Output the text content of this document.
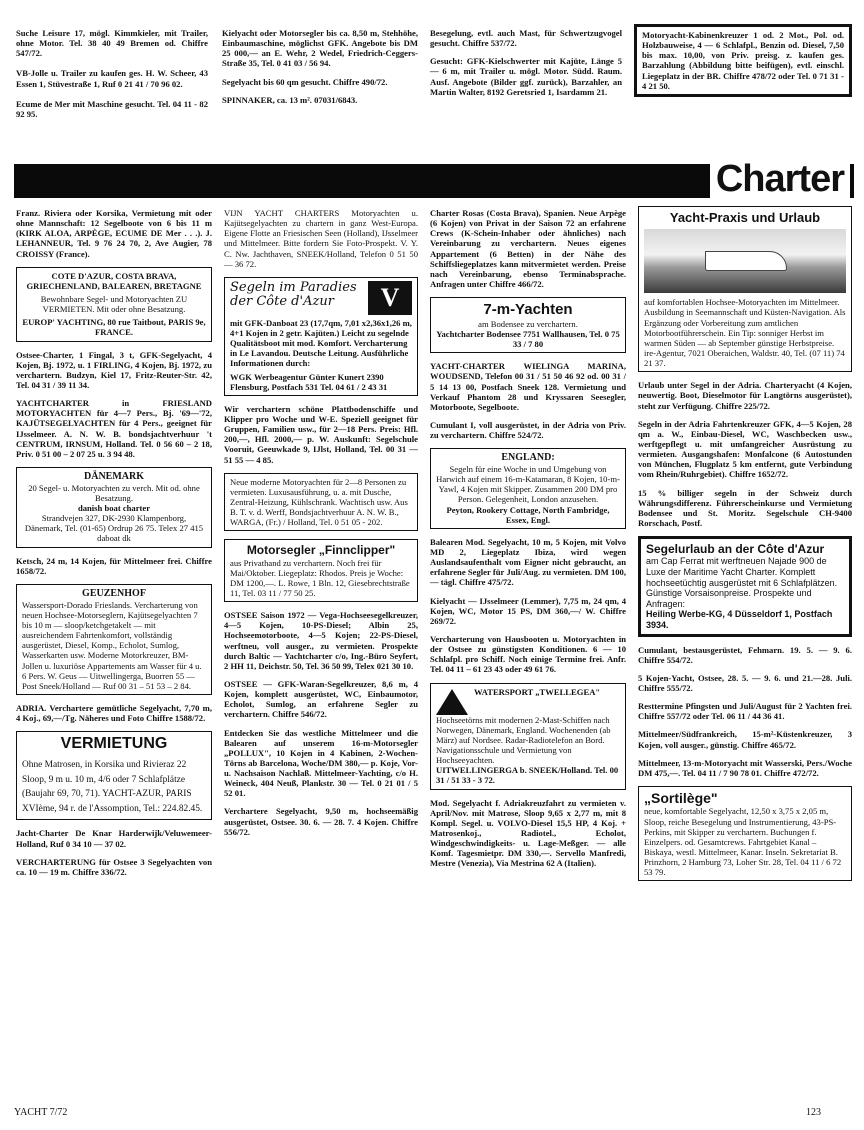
Suche Leisure 17, mögl. Kimmkieler, mit Trailer, ohne Motor. Tel. 38 40 49 Bremen od. Chiffre 547/72.
VB-Jolle u. Trailer zu kaufen ges. H. W. Scheer, 43 Essen 1, Stüvestraße 1, Ruf 0 21 41 / 70 96 02.
Ecume de Mer mit Maschine gesucht. Tel. 04 11 - 82 92 95.
Kielyacht oder Motorsegler bis ca. 8,50 m, Stehhöhe, Einbaumaschine, möglichst GFK. Angebote bis DM 25 000,— an E. Wehr, 2 Wedel, Friedrich-Ceggers-Straße 35, Tel. 0 41 03 / 56 94.
Segelyacht bis 60 qm gesucht. Chiffre 490/72.
SPINNAKER, ca. 13 m². 07031/6843.
Besegelung, evtl. auch Mast, für Schwertzugvogel gesucht. Chiffre 537/72.
Gesucht: GFK-Kielschwerter mit Kajüte, Länge 5 — 6 m, mit Trailer u. mögl. Motor. Südd. Raum. Ausf. Angebote (Bilder ggf. zurück), Barzahler, an Martin Walter, 8192 Geretsried 1, Isardamm 21.
Motoryacht-Kabinenkreuzer 1 od. 2 Mot., Pol. od. Holzbauweise, 4 — 6 Schlafpl., Benzin od. Diesel, 7,50 bis max. 10,00, von Priv. preisg. z. kaufen ges. Barzahlung (Abbildung bitte beifügen), evtl. einschl. Liegeplatz in der BR. Chiffre 478/72 oder Tel. 0 71 31 - 4 21 50.
Charter
Franz. Riviera oder Korsika, Vermietung mit oder ohne Mannschaft: 12 Segelboote von 6 bis 11 m (KIRK ALOA, ARPÈGE, ECUME DE Mer . . .). J. LEHANNEUR, Tel. 9 76 24 70, 2, Ave Augier, 78 CROISSY (France).
COTE D'AZUR, COSTA BRAVA, GRIECHENLAND, BALEAREN, BRETAGNE
Bewohnbare Segel- und Motoryachten ZU VERMIETEN. Mit oder ohne Besatzung.
EUROP' YACHTING, 80 rue Taitbout, PARIS 9e, FRANCE.
Ostsee-Charter, 1 Fingal, 3 t, GFK-Segelyacht, 4 Kojen, Bj. 1972, u. 1 FIRLING, 4 Kojen, Bj. 1972, zu verchartern. Budzyn, Kiel 17, Fritz-Reuter-Str. 42, Tel. 04 31 / 39 11 34.
YACHTCHARTER in FRIESLAND MOTORYACHTEN für 4—7 Pers., Bj. '69—'72, KAJÜTSEGELYACHTEN für 4 Pers., geeignet für IJsselmeer. A. N. W. B. bondsjachtverhuur 't CENTRUM, IRNSUM, Holland. Tel. 0 56 60 – 2 18, Priv. 0 51 00 – 2 07 25 u. 3 94 48.
DÄNEMARK
20 Segel- u. Motoryachten zu verch. Mit od. ohne Besatzung.
danish boat charter
Strandvejen 327, DK-2930 Klampenborg, Dänemark, Tel. (01-65) Ordrup 26 75. Telex 27 415 daboat dk
Ketsch, 24 m, 14 Kojen, für Mittelmeer frei. Chiffre 1658/72.
GEUZENHOF
Wassersport-Dorado Frieslands. Vercharterung von neuen Hochsee-Motorseglern, Kajütsegelyachten 7 bis 10 m — sloop/ketchgetakelt — mit ausreichendem Fahrtenkomfort, vollständig ausgerüstet, Diesel, Komp., Echolot, Sumlog, Wasserkarten usw. Moderne Motorkreuzer, BM-Jollen u. luxuriöse Appartements am Wasser für 4 u. 6 Pers. W. Geus — Uitwellingerga, Buorren 55 — Post Sneek/Holland — Ruf 00 31 – 51 53 – 2 84.
ADRIA. Verchartere gemütliche Segelyacht, 7,70 m, 4 Koj., 69,—/Tg. Näheres und Foto Chiffre 1588/72.
VERMIETUNG
Ohne Matrosen, in Korsika und Rivieraz 22 Sloop, 9 m u. 10 m, 4/6 oder 7 Schlafplätze (Baujahr 69, 70, 71). YACHT-AZUR, PARIS XVIème, 94 r. de l'Assomption, Tel.: 224.82.45.
Jacht-Charter De Knar Harderwijk/Veluwemeer-Holland, Ruf 0 34 10 — 37 02.
VERCHARTERUNG für Ostsee 3 Segelyachten von ca. 10 — 19 m. Chiffre 336/72.
VIJN YACHT CHARTERS Motoryachten u. Kajütsegelyachten zu chartern in ganz West-Europa. Eigene Flotte an Friesischen Seen (Holland), IJsselmeer und Mittelmeer. Bitte fordern Sie Foto-Prospekt. V. Y. C. Nw. Jachthaven, SNEEK/Holland, Telefon 0 51 50 — 36 72.
V
Segeln im Paradies der Côte d'Azur
mit GFK-Danboat 23 (17,7qm, 7,01 x2,36x1,26 m, 4+1 Kojen in 2 getr. Kajüten.) Leicht zu segelnde Qualitätsboot mit mod. Komfort. Vercharterung in Le Lavandou. Deutsche Leitung. Ausführliche Informationen durch:
WGK Werbeagentur Günter Kunert 2390 Flensburg, Postfach 531 Tel. 04 61 / 2 43 31
Wir verchartern schöne Plattbodenschiffe und Klipper pro Woche und W-E. Speziell geeignet für Gruppen, Familien usw., für 2—18 Pers. Preis: Hfl. 200,—, Hfl. 2000,— p. W. Auskunft: Segelschule Vooruit, Geeuwkade 9, IJlst, Holland, Tel. 00 31 — 51 55 — 4 85.
Neue moderne Motoryachten für 2—8 Personen zu vermieten. Luxusausführung, u. a. mit Dusche, Zentral-Heizung, Kühlschrank. Wachtisch usw. Aus B. T. v. d. Werff, Bondsjachtverhuur A. N. W. B., WARGA, (Fr.) / Holland, Tel. 0 51 05 - 202.
Motorsegler „Finnclipper"
aus Privathand zu verchartern. Noch frei für Mai/Oktober. Liegeplatz: Rhodos. Preis je Woche: DM 1200,—. L. Rowe, 1 Bln. 12, Giesebrechtstraße 11, Tel. 03 11 / 77 50 25.
OSTSEE Saison 1972 — Vega-Hochseesegelkreuzer, 4—5 Kojen, 10-PS-Diesel; Albin 25, Hochseemotorboote, 4—5 Kojen; 22-PS-Diesel, werftneu, voll ausger., zu vermieten. Prospekte durch Baltic — Yachtcharter c/o, Ing.-Büro Seyfert, 2 HH 11, Deichstr. 50, Tel. 36 50 99, Telex 021 30 10.
OSTSEE — GFK-Waran-Segelkreuzer, 8,6 m, 4 Kojen, komplett ausgerüstet, WC, Einbaumotor, Echolot, Sumlog, an erfahrene Segler zu verchartern. Chiffre 546/72.
Entdecken Sie das westliche Mittelmeer und die Balearen auf unserem 16-m-Motorsegler „POLLUX", 10 Kojen in 4 Kabinen, 2-Wochen-Törns ab Barcelona, Woche/DM 380,— p. Koje, Vor- u. Nachsaison Nachlaß. Mittelmeer-Yachting, c/o H. Weineck, 404 Neuß, Plankstr. 30 — Tel. 0 21 01 / 5 52 01.
Verchartere Segelyacht, 9,50 m, hochseemäßig ausgerüstet, Ostsee. 30. 6. — 28. 7. 4 Kojen. Chiffre 556/72.
Charter Rosas (Costa Brava), Spanien. Neue Arpège (6 Kojen) von Privat in der Saison 72 an erfahrene Crews (K-Schein-Inhaber oder ähnliches) nach Vereinbarung zu verchartern. Neues eigenes Appartement (6 Betten) in der Nähe des Schiffsliegeplatzes kann mitvermietet werden. Preise nach Vereinbarung, ebenso Terminabsprache. Anfragen unter Chiffre 466/72.
7-m-Yachten
am Bodensee zu verchartern.
Yachtcharter Bodensee 7751 Wallhausen, Tel. 0 75 33 / 7 80
YACHT-CHARTER WIELINGA MARINA, WOUDSEND, Telefon 00 31 / 51 50 46 92 od. 00 31 / 5 14 13 00, Postfach Sneek 128. Vermietung und Verkauf Phantom 28 und Kryssaren Seesegler, Motorboote, Segelboote.
Cumulant I, voll ausgerüstet, in der Adria von Priv. zu verchartern. Chiffre 524/72.
ENGLAND:
Segeln für eine Woche in und Umgebung von Harwich auf einem 16-m-Katamaran, 8 Kojen, 10-m-Yawl, 4 Kojen mit Skipper. Zusammen 200 DM pro Person. Gelegenheit, London anzusehen.
Peyton, Rookery Cottage, North Fambridge, Essex, Engl.
Balearen Mod. Segelyacht, 10 m, 5 Kojen, mit Volvo MD 2, Liegeplatz Ibiza, wird wegen Auslandsaufenthalt vom Eigner nicht gebraucht, an erfahrene Segler für Juli/Aug. zu vermieten. DM 100,— tägl. Chiffre 475/72.
Kielyacht — IJsselmeer (Lemmer), 7,75 m, 24 qm, 4 Kojen, WC, Motor 15 PS, DM 360,—/ W. Chiffre 269/72.
Vercharterung von Hausbooten u. Motoryachten in der Ostsee zu günstigsten Konditionen. 6 — 10 Schlafpl. pro Schiff. Noch einige Termine frei. Anfr. Tel. 04 11 – 61 23 43 oder 49 61 76.
WATERSPORT „TWELLEGEA"
Hochseetörns mit modernen 2-Mast-Schiffen nach Norwegen, Dänemark, England. Wochenenden (ab März) auf Nordsee. Radar-Radiotelefon an Bord. Navigationsschule und Vermietung von Hochseeyachten.
UITWELLINGERGA b. SNEEK/Holland. Tel. 00 31 / 51 33 - 3 72.
Mod. Segelyacht f. Adriakreuzfahrt zu vermieten v. April/Nov. mit Matrose, Sloop 9,65 x 2,77 m, mit 8 Kompl. Segel. u. VOLVO-Diesel 15,5 HP, 4 Koj. + Matrosenkoj., Radiotel., Echolot, Windgeschwindigkeits- u. Lage-Meßger. — alle Komf. Tagesmietpr. DM 330,—. Servello Manfredi, Mestre (Venezia), Via Mestrina 62 A (Italien).
Yacht-Praxis und Urlaub
auf komfortablen Hochsee-Motoryachten im Mittelmeer. Ausbildung in Seemannschaft und Küsten-Navigation. Als Ergänzung oder Vorbereitung zum amtlichen Motorbootführerschein. Ein Tip: sonniger Herbst im warmen Süden — ab September günstige Herbstpreise. ire-Agentur, 7021 Oberaichen, Waldstr. 40, Tel. (07 11) 74 21 37.
Urlaub unter Segel in der Adria. Charteryacht (4 Kojen, neuwertig. Boot, Dieselmotor für Langtörns ausgerüstet), steht zur Verfügung. Chiffre 225/72.
Segeln in der Adria Fahrtenkreuzer GFK, 4—5 Kojen, 28 qm a. W., Einbau-Diesel, WC, Waschbecken usw., werftgepflegt u. mit umfangreicher Ausrüstung zu vermieten. Ausgangshafen: Monfalcone (6 Autostunden von München, Flugplatz 5 km entfernt, gute Verbindung vom Rhein/Ruhrgebiet). Chiffre 1652/72.
15 % billiger segeln in der Schweiz durch Währungsdifferenz. Führerscheinkurse und Vermietung Bodensee und St. Moritz. Segelschule CH-9400 Rorschach, Postf.
Segelurlaub an der Côte d'Azur
am Cap Ferrat mit werftneuen Najade 900 de Luxe der Maritime Yacht Charter. Komplett hochseetüchtig ausgerüstet mit 6 Schlafplätzen. Günstige Vorsaisonpreise. Prospekte und Anfragen:
Heiling Werbe-KG, 4 Düsseldorf 1, Postfach 3934.
Cumulant, bestausgerüstet, Fehmarn. 19. 5. — 9. 6. Chiffre 554/72.
5 Kojen-Yacht, Ostsee, 28. 5. — 9. 6. und 21.—28. Juli. Chiffre 555/72.
Resttermine Pfingsten und Juli/August für 2 Yachten frei. Chiffre 557/72 oder Tel. 06 11 / 44 36 41.
Mittelmeer/Südfrankreich, 15-m²-Küstenkreuzer, 3 Kojen, voll ausger., günstig. Chiffre 465/72.
Mittelmeer, 13-m-Motoryacht mit Wasserski, Pers./Woche DM 475,—. Tel. 04 11 / 7 90 78 01. Chiffre 472/72.
„Sortilège"
neue, komfortable Segelyacht, 12,50 x 3,75 x 2,05 m, Sloop, reiche Besegelung und Instrumentierung, 43-PS-Perkins, mit Skipper zu verchartern. Buchungen f. Einzelpers. od. Gesamtcrews. Fahrtgebiet Kanal – Biskaya, westl. Mittelmeer, Kanar. Inseln. Sekretariat B. Prinzhorn, 2 Hamburg 73, Loher Str. 28, Tel. 04 11 / 6 72 53 79.
YACHT 7/72	123
